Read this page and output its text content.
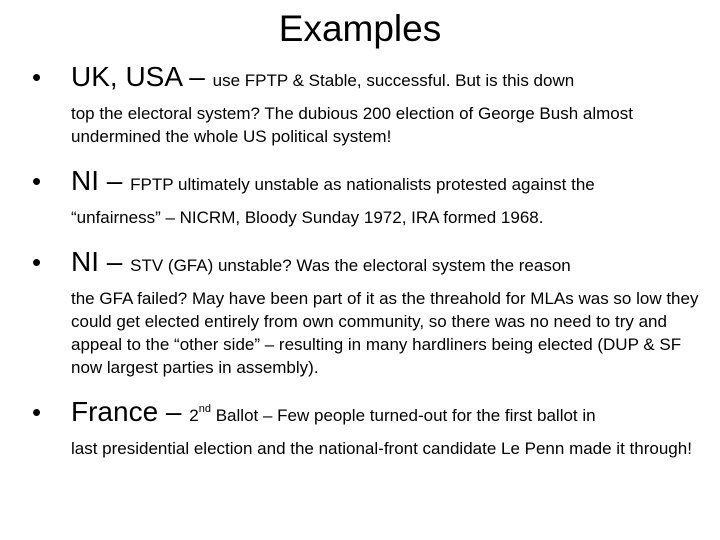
Examples
• UK, USA – use FPTP & Stable, successful. But is this down
top the electoral system? The dubious 200 election of George Bush almost undermined the whole US political system!
• NI – FPTP ultimately unstable as nationalists protested against the
“unfairness” – NICRM, Bloody Sunday 1972, IRA formed 1968.
• NI – STV (GFA) unstable? Was the electoral system the reason
the GFA failed? May have been part of it as the threahold for MLAs was so low they could get elected entirely from own community, so there was no need to try and appeal to the “other side” – resulting in many hardliners being elected (DUP & SF now largest parties in assembly).
• France – 2nd Ballot – Few people turned-out for the first ballot in
last presidential election and the national-front candidate Le Penn made it through!
